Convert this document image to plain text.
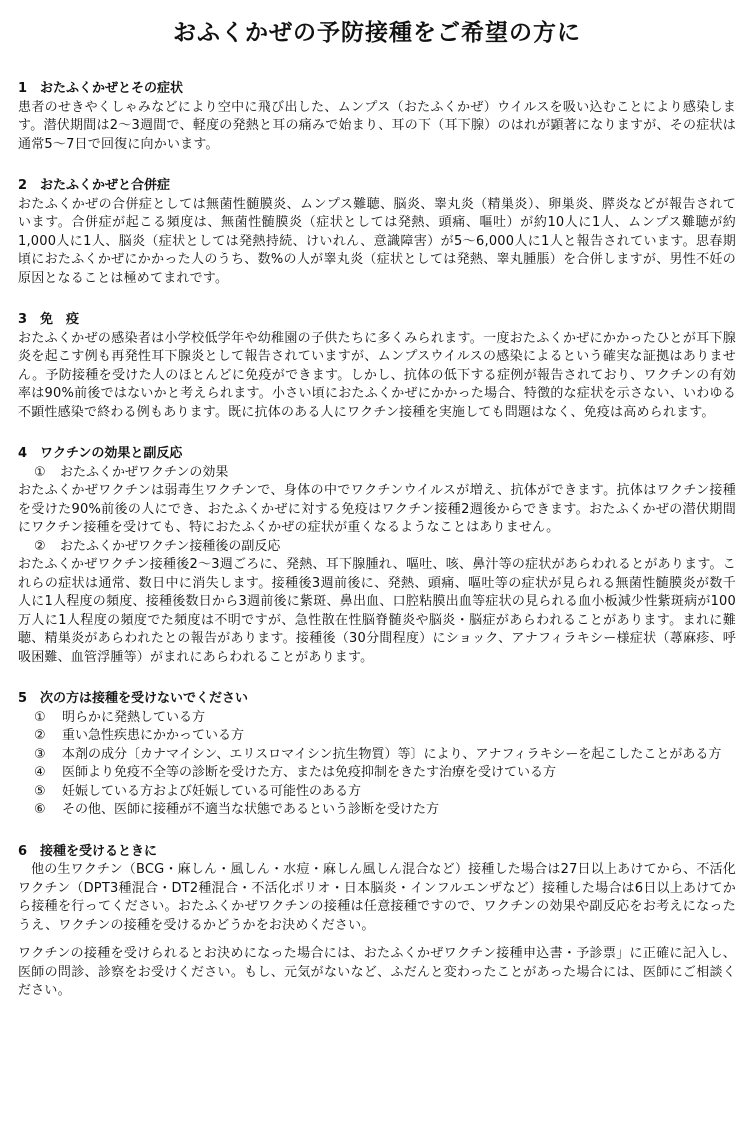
おふくかぜの予防接種をご希望の方に

1　おたふくかぜとその症状

患者のせきやくしゃみなどにより空中に飛び出した、ムンプス（おたふくかぜ）ウイルスを吸い込むことにより感染します。潜伏期間は2～3週間で、軽度の発熱と耳の痛みで始まり、耳の下（耳下腺）のはれが顕著になりますが、その症状は通常5～7日で回復に向かいます。

2　おたふくかぜと合併症

おたふくかぜの合併症としては無菌性髄膜炎、ムンプス難聴、脳炎、睾丸炎（精巣炎）、卵巣炎、膵炎などが報告されています。合併症が起こる頻度は、無菌性髄膜炎（症状としては発熱、頭痛、嘔吐）が約10人に1人、ムンプス難聴が約1,000人に1人、脳炎（症状としては発熱持続、けいれん、意識障害）が5～6,000人に1人と報告されています。思春期頃におたふくかぜにかかった人のうち、数%の人が睾丸炎（症状としては発熱、睾丸腫脹）を合併しますが、男性不妊の原因となることは極めてまれです。

3　免　疫

おたふくかぜの感染者は小学校低学年や幼稚園の子供たちに多くみられます。一度おたふくかぜにかかったひとが耳下腺炎を起こす例も再発性耳下腺炎として報告されていますが、ムンプスウイルスの感染によるという確実な証拠はありません。予防接種を受けた人のほとんどに免疫ができます。しかし、抗体の低下する症例が報告されており、ワクチンの有効率は90%前後ではないかと考えられます。小さい頃におたふくかぜにかかった場合、特徴的な症状を示さない、いわゆる不顕性感染で終わる例もあります。既に抗体のある人にワクチン接種を実施しても問題はなく、免疫は高められます。

4　ワクチンの効果と副反応

① おたふくかぜワクチンの効果

おたふくかぜワクチンは弱毒生ワクチンで、身体の中でワクチンウイルスが増え、抗体ができます。抗体はワクチン接種を受けた90%前後の人にでき、おたふくかぜに対する免疫はワクチン接種2週後からできます。おたふくかぜの潜伏期間にワクチン接種を受けても、特におたふくかぜの症状が重くなるようなことはありません。

② おたふくかぜワクチン接種後の副反応

おたふくかぜワクチン接種後2～3週ごろに、発熱、耳下腺腫れ、嘔吐、咳、鼻汁等の症状があらわれるとがあります。これらの症状は通常、数日中に消失します。接種後3週前後に、発熱、頭痛、嘔吐等の症状が見られる無菌性髄膜炎が数千人に1人程度の頻度、接種後数日から3週前後に紫斑、鼻出血、口腔粘膜出血等症状の見られる血小板減少性紫斑病が100万人に1人程度の頻度でた頻度は不明ですが、急性散在性脳脊髄炎や脳炎・脳症があらわれることがあります。まれに難聴、精巣炎があらわれたとの報告があります。接種後（30分間程度）にショック、アナフィラキシー様症状（蕁麻疹、呼吸困難、血管浮腫等）がまれにあらわれることがあります。

5　次の方は接種を受けないでください

①	明らかに発熱している方
②	重い急性疾患にかかっている方
③	本剤の成分〔カナマイシン、エリスロマイシン抗生物質）等〕により、アナフィラキシーを起こしたことがある方
④	医師より免疫不全等の診断を受けた方、または免疫抑制をきたす治療を受けている方
⑤	妊娠している方および妊娠している可能性のある方
⑥	その他、医師に接種が不適当な状態であるという診断を受けた方

6　接種を受けるときに

他の生ワクチン（BCG・麻しん・風しん・水痘・麻しん風しん混合など）接種した場合は27日以上あけてから、不活化ワクチン（DPT3種混合・DT2種混合・不活化ポリオ・日本脳炎・インフルエンザなど）接種した場合は6日以上あけてから接種を行ってください。おたふくかぜワクチンの接種は任意接種ですので、ワクチンの効果や副反応をお考えになったうえ、ワクチンの接種を受けるかどうかをお決めください。

ワクチンの接種を受けられるとお決めになった場合には、おたふくかぜワクチン接種申込書・予診票」に正確に記入し、医師の問診、診察をお受けください。もし、元気がないなど、ふだんと変わったことがあった場合には、医師にご相談ください。
